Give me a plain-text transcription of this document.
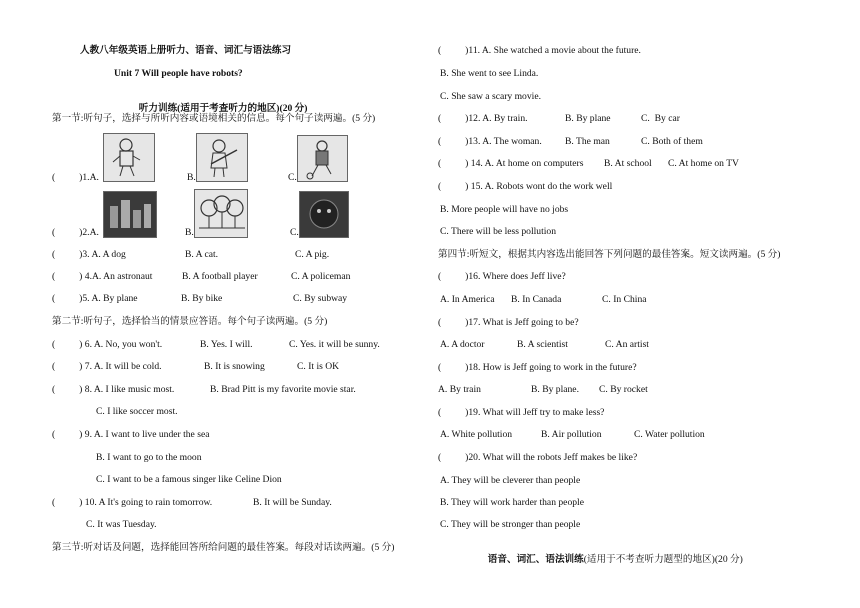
人教八年级英语上册听力、语音、词汇与语法练习
Unit 7 Will people have robots?

听力训练(适用于考查听力的地区)(20 分)

第一节:听句子，选择与所听内容或语境相关的信息。每个句子读两遍。(5 分)
(          )1.A.	B.	C.
(          )2.A.	B.	C.
(          )3. A. A dog	B. A cat.	C. A pig.
(          ) 4.A. An astronaut	B. A football player	C. A policeman
(          )5. A. By plane	B. By bike	C. By subway
第二节:听句子，选择恰当的情景应答语。每个句子读两遍。(5 分)
(          ) 6. A. No, you won't.	B. Yes. I will.	C. Yes. it will be sunny.
(          ) 7. A. It will be cold.	B. It is snowing	C. It is OK
(          ) 8. A. I like music most.	B. Brad Pitt is my favorite movie star.
C. I like soccer most.
(          ) 9. A. I want to live under the sea
B. I want to go to the moon
C. I want to be a famous singer like Celine Dion
(          ) 10. A It's going to rain tomorrow.	B. It will be Sunday.
C. It was Tuesday.
第三节:听对话及问题，选择能回答所给问题的最佳答案。每段对话读两遍。(5 分)
(          )11. A. She watched a movie about the future.
B. She went to see Linda.
C. She saw a scary movie.
(          )12. A. By train.	B. By plane	C.  By car
(          )13. A. The woman. B. The man	C. Both of them
(          ) 14. A. At home on computers B. At school C. At home on TV
(          ) 15. A. Robots wont do the work well
B. More people will have no jobs
C. There will be less pollution
第四节:听短文，根据其内容选出能回答下列问题的最佳答案。短文读两遍。(5 分)
(          )16. Where does Jeff live?
A. In America B. In Canada	C. In China
(          )17. What is Jeff going to be?
A. A doctor	B. A scientist	C. An artist
(          )18. How is Jeff going to work in the future?
A. By train	B. By plane. C. By rocket
(          )19. What will Jeff try to make less?
A. White pollution	B. Air pollution	C. Water pollution
(          )20. What will the robots Jeff makes be like?
A. They will be cleverer than people
B. They will work harder than people
C. They will be stronger than people

语音、词汇、语法训练(适用于不考查听力题型的地区)(20 分)
